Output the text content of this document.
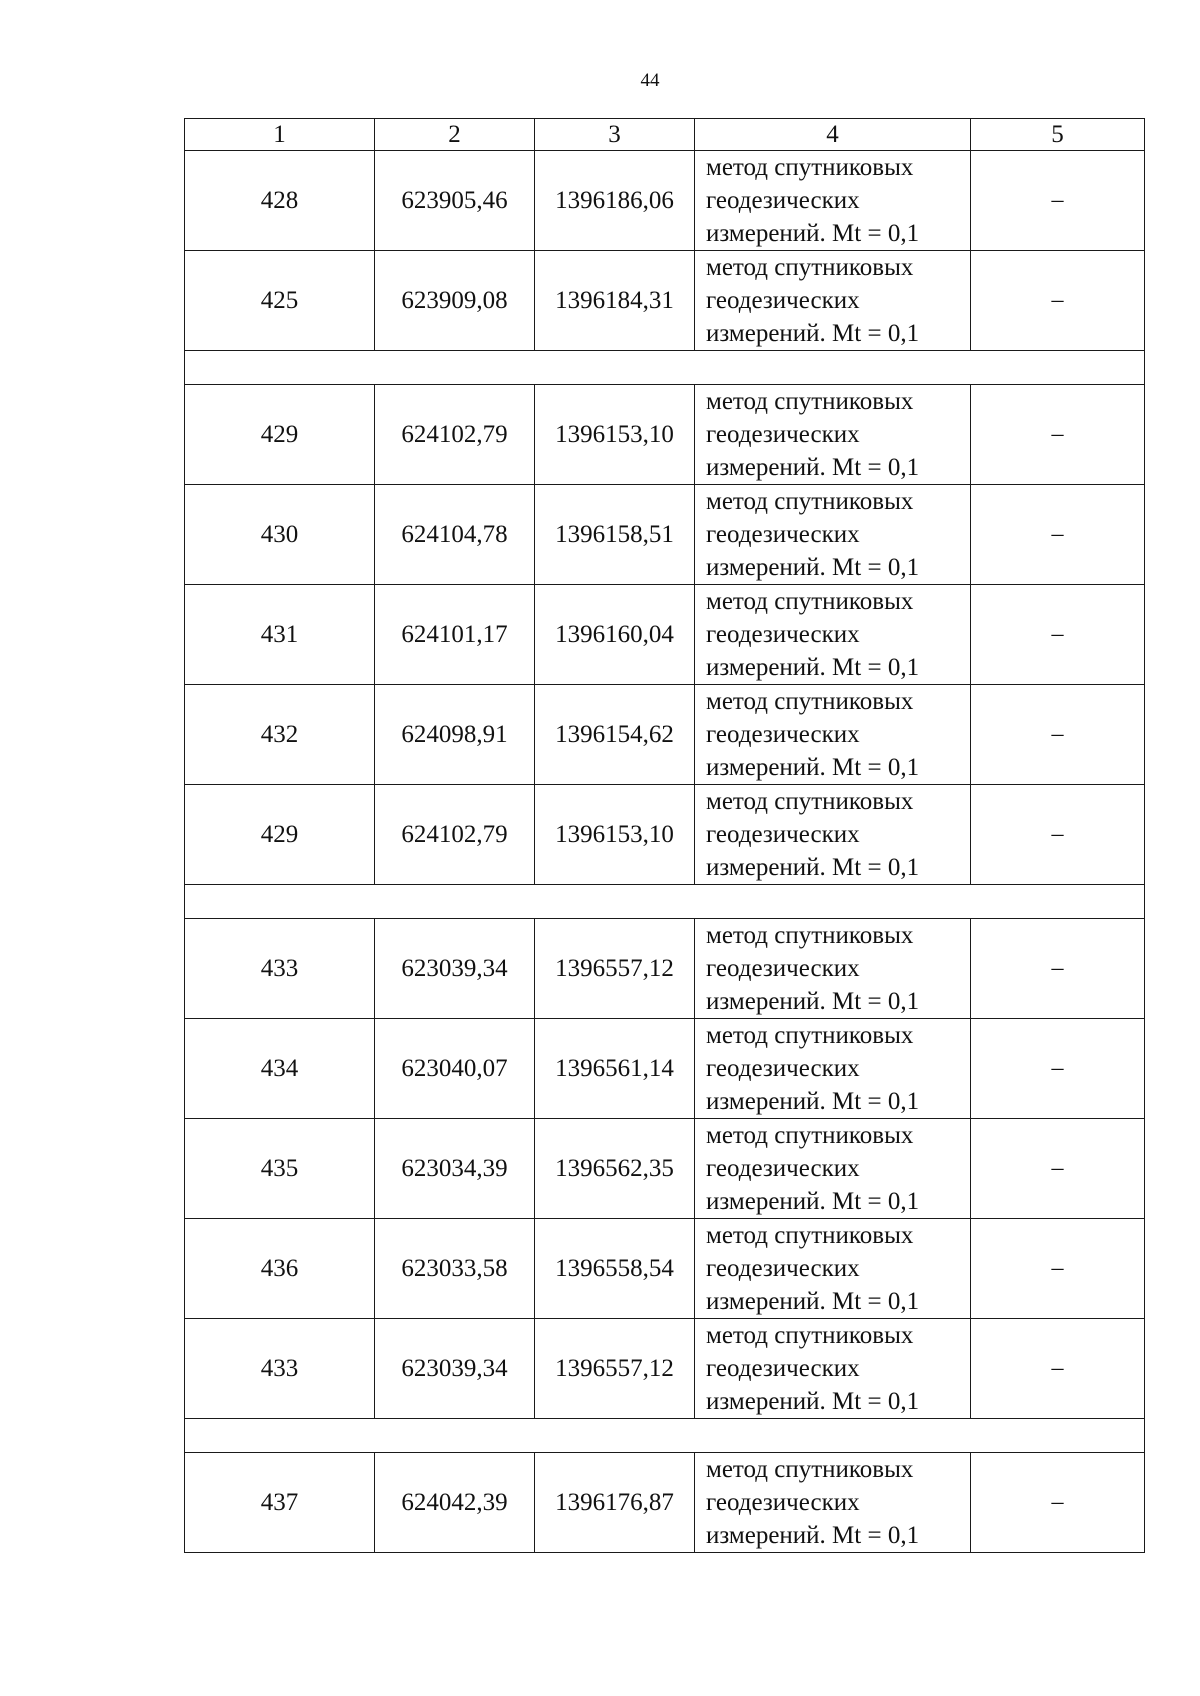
44
1	2	3	4	5
428	623905,46	1396186,06	метод спутниковых
геодезических
измерений. Mt = 0,1	–
425	623909,08	1396184,31	метод спутниковых
геодезических
измерений. Mt = 0,1	–

429	624102,79	1396153,10	метод спутниковых
геодезических
измерений. Mt = 0,1	–
430	624104,78	1396158,51	метод спутниковых
геодезических
измерений. Mt = 0,1	–
431	624101,17	1396160,04	метод спутниковых
геодезических
измерений. Mt = 0,1	–
432	624098,91	1396154,62	метод спутниковых
геодезических
измерений. Mt = 0,1	–
429	624102,79	1396153,10	метод спутниковых
геодезических
измерений. Mt = 0,1	–

433	623039,34	1396557,12	метод спутниковых
геодезических
измерений. Mt = 0,1	–
434	623040,07	1396561,14	метод спутниковых
геодезических
измерений. Mt = 0,1	–
435	623034,39	1396562,35	метод спутниковых
геодезических
измерений. Mt = 0,1	–
436	623033,58	1396558,54	метод спутниковых
геодезических
измерений. Mt = 0,1	–
433	623039,34	1396557,12	метод спутниковых
геодезических
измерений. Mt = 0,1	–

437	624042,39	1396176,87	метод спутниковых
геодезических
измерений. Mt = 0,1	–
